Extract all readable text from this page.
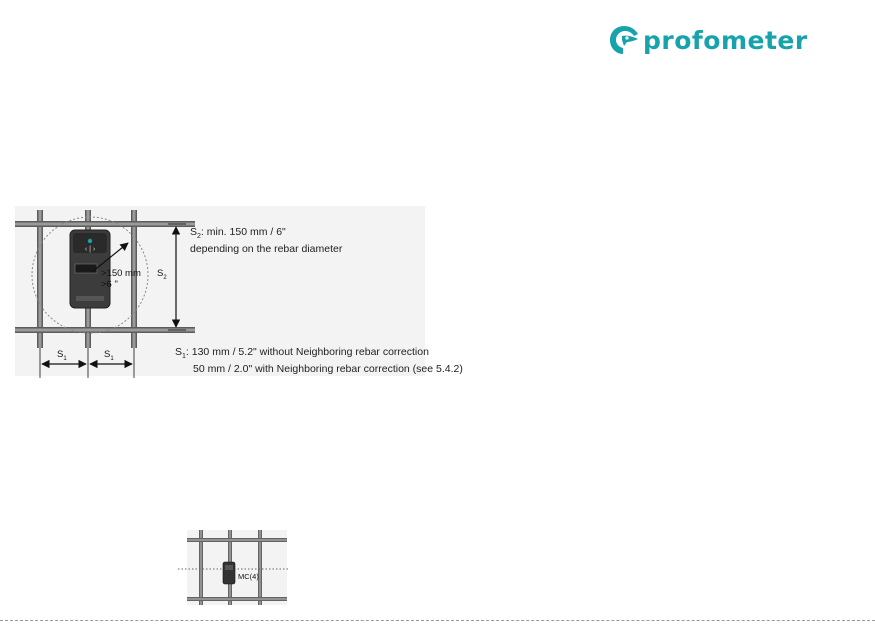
profometer
‹ | ›
>150 mm
>6 "
$S_2$
$S_1$	$S_1$
MC(4)
$S_2$: min. 150 mm / 6"
depending on the rebar diameter
$S_1$: 130 mm / 5.2" without Neighboring rebar correction
50 mm / 2.0" with Neighboring rebar correction (see 5.4.2)
